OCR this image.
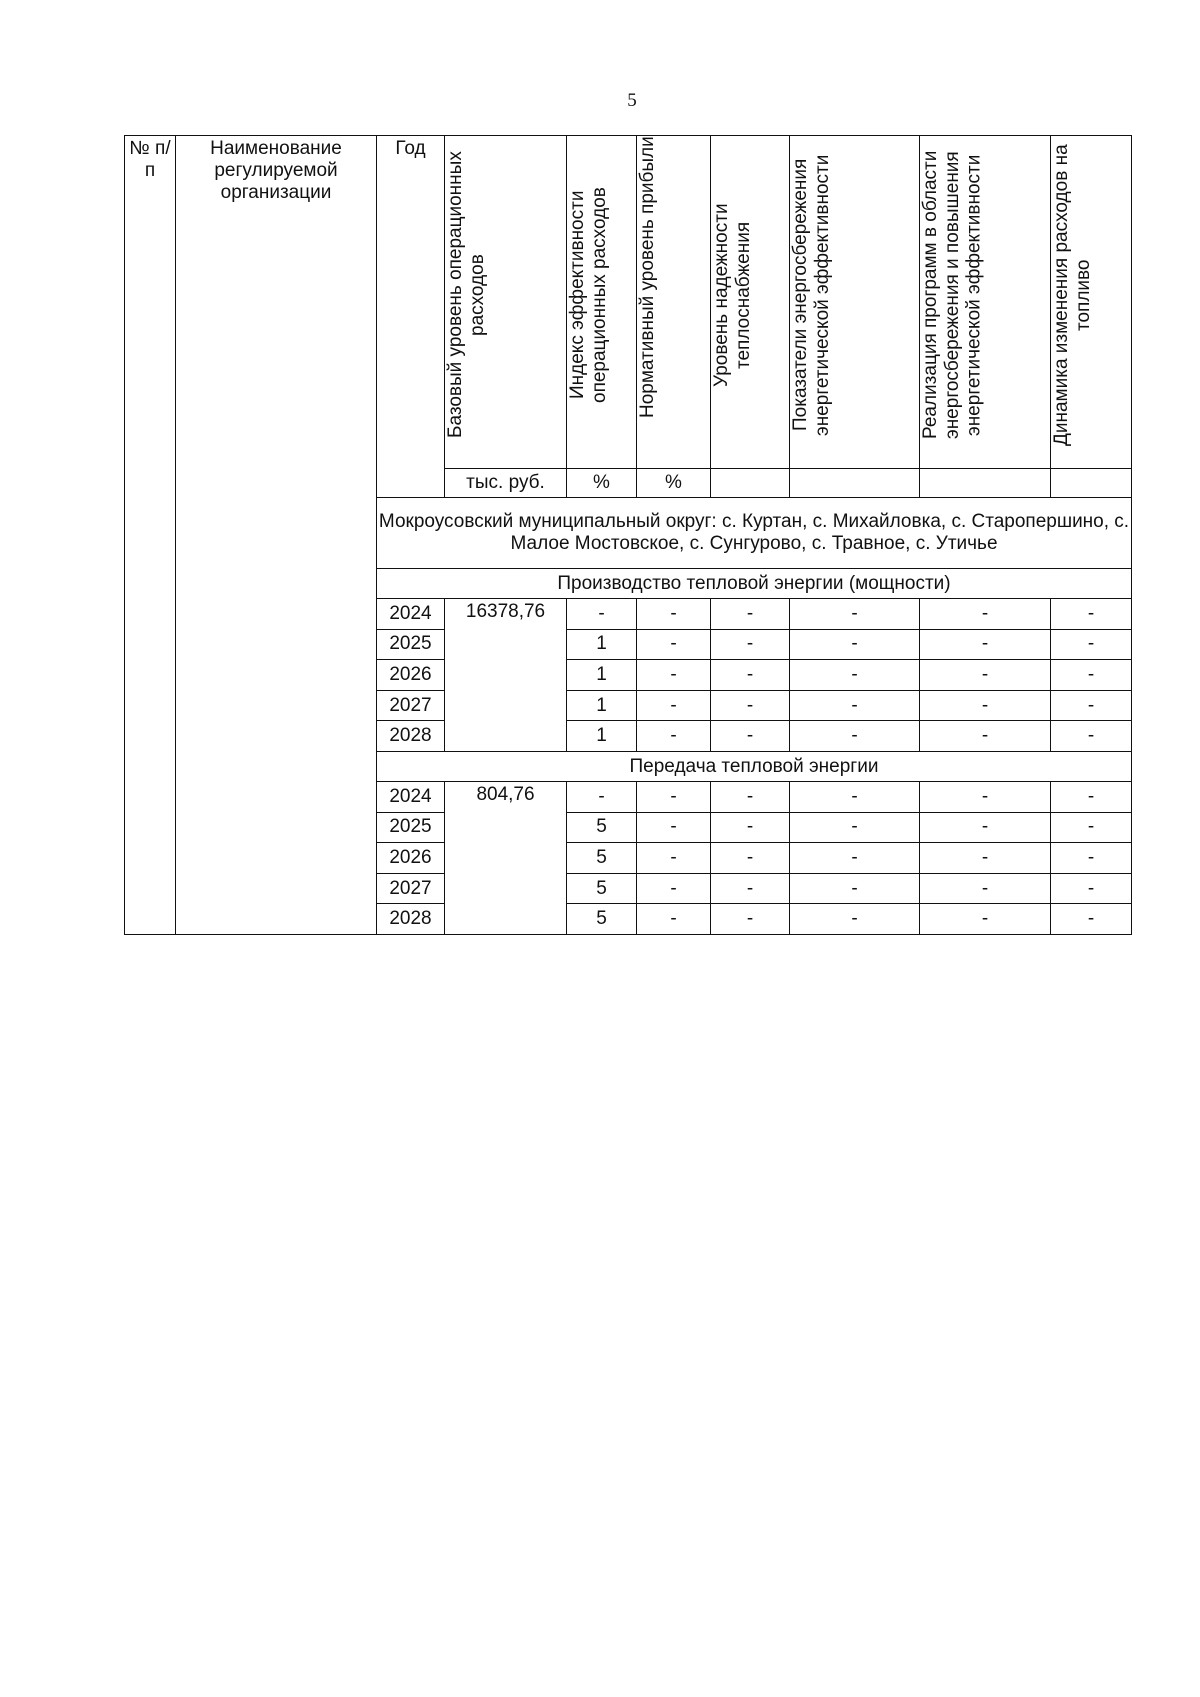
5
№ п/п	Наименование регулируемой организации	Год	Базовый уровень операционных расходов	Индекс эффективности операционных расходов	Нормативный уровень прибыли	Уровень надежности теплоснабжения	Показатели энергосбережения энергетической эффективности	Реализация программ в области энергосбережения и повышения энергетической эффективности	Динамика изменения расходов на топливо

			тыс. руб.	%	%				
		Мокроусовский муниципальный округ: с. Куртан, с. Михайловка, с. Старопершино, с. Малое Мостовское, с. Сунгурово, с. Травное, с. Утичье							
		Производство тепловой энергии (мощности)							
		2024	16378,76	-	-	-	-	-	-
		2025		1	-	-	-	-	-
		2026		1	-	-	-	-	-
		2027		1	-	-	-	-	-
		2028		1	-	-	-	-	-
		Передача тепловой энергии							
		2024	804,76	-	-	-	-	-	-
		2025		5	-	-	-	-	-
		2026		5	-	-	-	-	-
		2027		5	-	-	-	-	-
		2028		5	-	-	-	-	-
